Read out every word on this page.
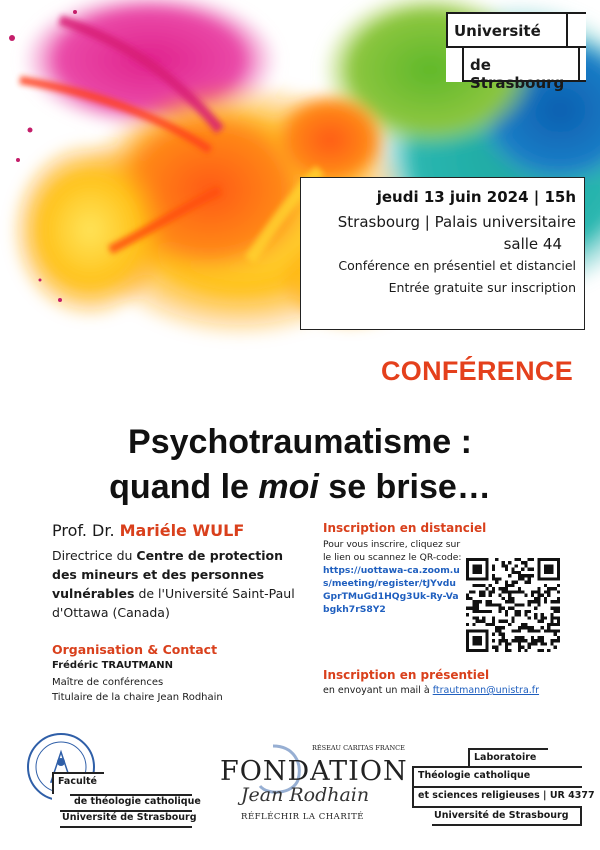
Université
de Strasbourg
jeudi 13 juin 2024 | 15h
Strasbourg | Palais universitaire
salle 44
Conférence en présentiel et distanciel
Entrée gratuite sur inscription
CONFÉRENCE
Psychotraumatisme :
quand le moi se brise…
Prof. Dr. Mariéle WULF
Directrice du Centre de protection des mineurs et des personnes vulnérables de l'Université Saint-Paul d'Ottawa (Canada)
Organisation & Contact
Frédéric TRAUTMANN
Maître de conférences
Titulaire de la chaire Jean Rodhain
Inscription en distanciel
Pour vous inscrire, cliquez sur le lien ou scannez le QR-code: https://uottawa-ca.zoom.us/meeting/register/tJYvduGprTMuGd1HQg3Uk-Ry-Vabgkh7rS8Y2
Inscription en présentiel
en envoyant un mail à ftrautmann@unistra.fr
Faculté
de théologie catholique
Université de Strasbourg
RÉSEAU CARITAS FRANCE
FONDATION
Jean Rodhain
RÉFLÉCHIR LA CHARITÉ
Laboratoire
Théologie catholique
et sciences religieuses | UR 4377
Université de Strasbourg
